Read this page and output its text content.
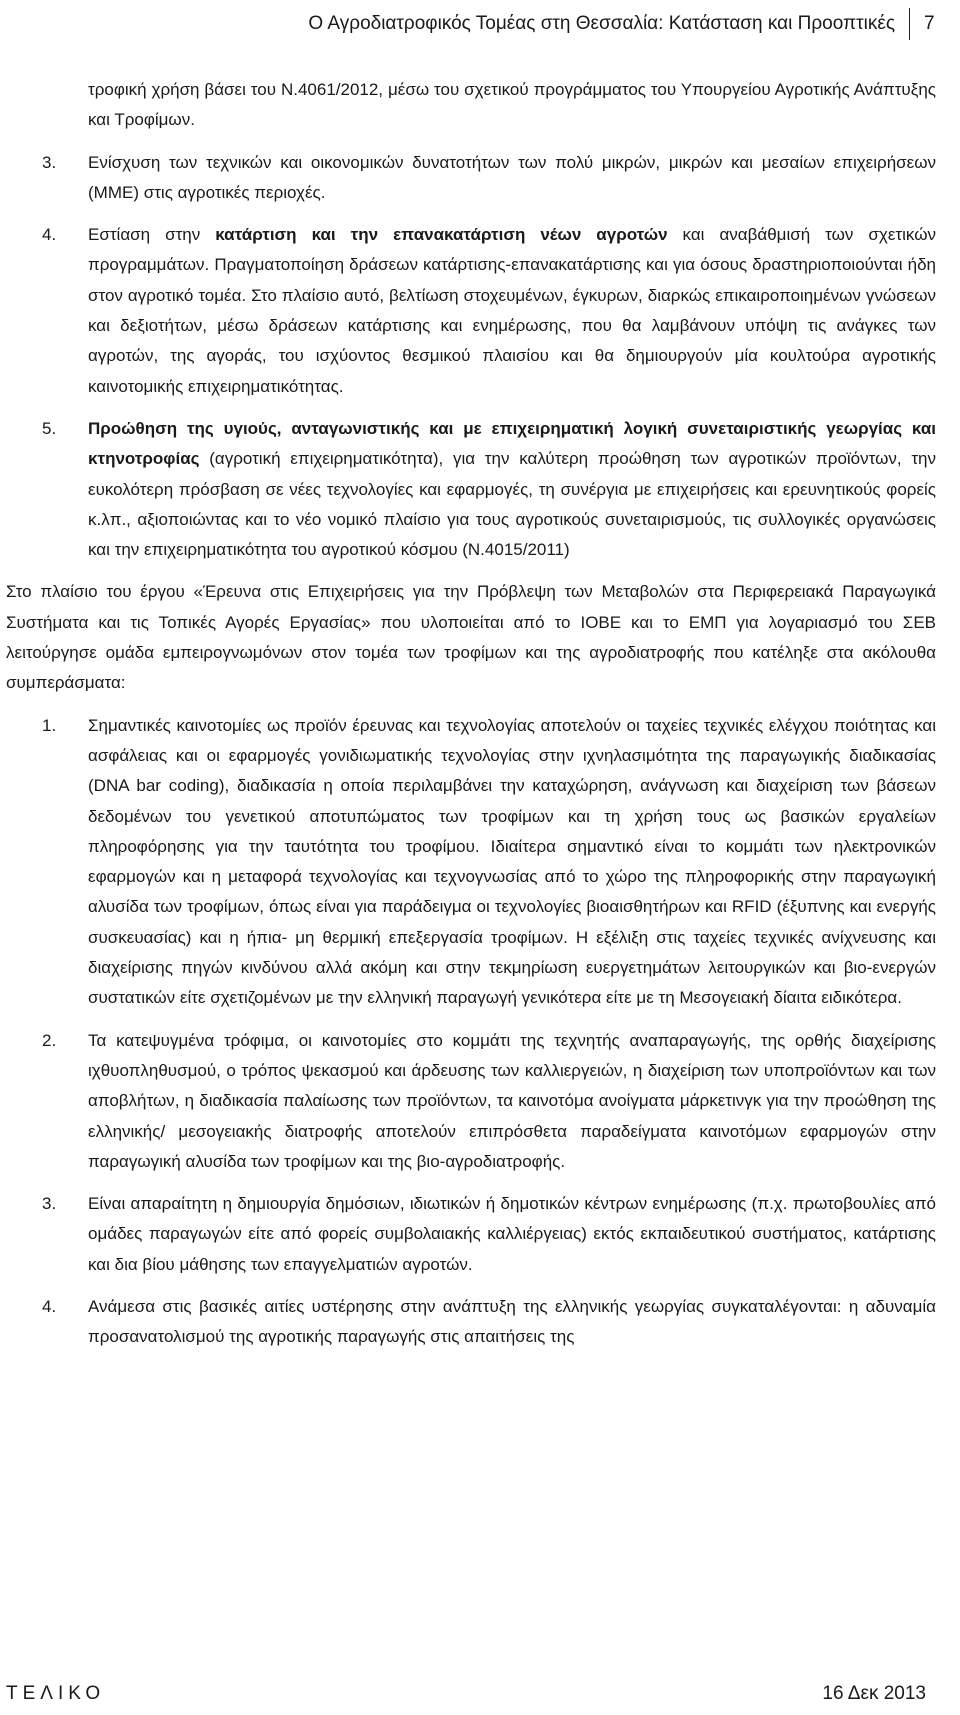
Ο Αγροδιατροφικός Τομέας στη Θεσσαλία: Κατάσταση και Προοπτικές	7
τροφική χρήση βάσει του Ν.4061/2012, μέσω του σχετικού προγράμματος του Υπουργείου Αγροτικής Ανάπτυξης και Τροφίμων.
3. Ενίσχυση των τεχνικών και οικονομικών δυνατοτήτων των πολύ μικρών, μικρών και μεσαίων επιχειρήσεων (ΜΜΕ) στις αγροτικές περιοχές.
4. Εστίαση στην κατάρτιση και την επανακατάρτιση νέων αγροτών και αναβάθμισή των σχετικών προγραμμάτων. Πραγματοποίηση δράσεων κατάρτισης-επανακατάρτισης και για όσους δραστηριοποιούνται ήδη στον αγροτικό τομέα. Στο πλαίσιο αυτό, βελτίωση στοχευμένων, έγκυρων, διαρκώς επικαιροποιημένων γνώσεων και δεξιοτήτων, μέσω δράσεων κατάρτισης και ενημέρωσης, που θα λαμβάνουν υπόψη τις ανάγκες των αγροτών, της αγοράς, του ισχύοντος θεσμικού πλαισίου και θα δημιουργούν μία κουλτούρα αγροτικής καινοτομικής επιχειρηματικότητας.
5. Προώθηση της υγιούς, ανταγωνιστικής και με επιχειρηματική λογική συνεταιριστικής γεωργίας και κτηνοτροφίας (αγροτική επιχειρηματικότητα), για την καλύτερη προώθηση των αγροτικών προϊόντων, την ευκολότερη πρόσβαση σε νέες τεχνολογίες και εφαρμογές, τη συνέργια με επιχειρήσεις και ερευνητικούς φορείς κ.λπ., αξιοποιώντας και το νέο νομικό πλαίσιο για τους αγροτικούς συνεταιρισμούς, τις συλλογικές οργανώσεις και την επιχειρηματικότητα του αγροτικού κόσμου (Ν.4015/2011)

Στο πλαίσιο του έργου «Έρευνα στις Επιχειρήσεις για την Πρόβλεψη των Μεταβολών στα Περιφερειακά Παραγωγικά Συστήματα και τις Τοπικές Αγορές Εργασίας» που υλοποιείται από το ΙΟΒΕ και το ΕΜΠ για λογαριασμό του ΣΕΒ λειτούργησε ομάδα εμπειρογνωμόνων στον τομέα των τροφίμων και της αγροδιατροφής που κατέληξε στα ακόλουθα συμπεράσματα:

1. Σημαντικές καινοτομίες ως προϊόν έρευνας και τεχνολογίας αποτελούν οι ταχείες τεχνικές ελέγχου ποιότητας και ασφάλειας και οι εφαρμογές γονιδιωματικής τεχνολογίας στην ιχνηλασιμότητα της παραγωγικής διαδικασίας (DNA bar coding), διαδικασία η οποία περιλαμβάνει την καταχώρηση, ανάγνωση και διαχείριση των βάσεων δεδομένων του γενετικού αποτυπώματος των τροφίμων και τη χρήση τους ως βασικών εργαλείων πληροφόρησης για την ταυτότητα του τροφίμου. Ιδιαίτερα σημαντικό είναι το κομμάτι των ηλεκτρονικών εφαρμογών και η μεταφορά τεχνολογίας και τεχνογνωσίας από το χώρο της πληροφορικής στην παραγωγική αλυσίδα των τροφίμων, όπως είναι για παράδειγμα οι τεχνολογίες βιοαισθητήρων και RFID (έξυπνης και ενεργής συσκευασίας) και η ήπια- μη θερμική επεξεργασία τροφίμων. Η εξέλιξη στις ταχείες τεχνικές ανίχνευσης και διαχείρισης πηγών κινδύνου αλλά ακόμη και στην τεκμηρίωση ευεργετημάτων λειτουργικών και βιο-ενεργών συστατικών είτε σχετιζομένων με την ελληνική παραγωγή γενικότερα είτε με τη Μεσογειακή δίαιτα ειδικότερα.
2. Τα κατεψυγμένα τρόφιμα, οι καινοτομίες στο κομμάτι της τεχνητής αναπαραγωγής, της ορθής διαχείρισης ιχθυοπληθυσμού, ο τρόπος ψεκασμού και άρδευσης των καλλιεργειών, η διαχείριση των υποπροϊόντων και των αποβλήτων, η διαδικασία παλαίωσης των προϊόντων, τα καινοτόμα ανοίγματα μάρκετινγκ για την προώθηση της ελληνικής/ μεσογειακής διατροφής αποτελούν επιπρόσθετα παραδείγματα καινοτόμων εφαρμογών στην παραγωγική αλυσίδα των τροφίμων και της βιο-αγροδιατροφής.
3. Είναι απαραίτητη η δημιουργία δημόσιων, ιδιωτικών ή δημοτικών κέντρων ενημέρωσης (π.χ. πρωτοβουλίες από ομάδες παραγωγών είτε από φορείς συμβολαιακής καλλιέργειας) εκτός εκπαιδευτικού συστήματος, κατάρτισης και δια βίου μάθησης των επαγγελματιών αγροτών.
4. Ανάμεσα στις βασικές αιτίες υστέρησης στην ανάπτυξη της ελληνικής γεωργίας συγκαταλέγονται: η αδυναμία προσανατολισμού της αγροτικής παραγωγής στις απαιτήσεις της
ΤΕΛΙΚΟ	16 Δεκ 2013
